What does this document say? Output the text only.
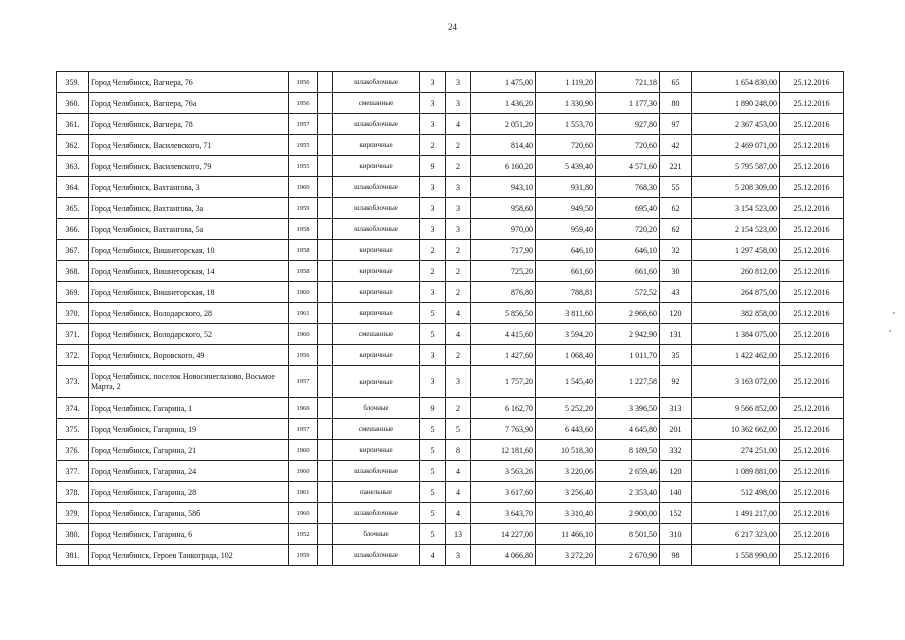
24
359.	Город Челябинск, Вагнера, 76	1956		шлакоблочные	3	3	1 475,00	1 119,20	721,18	65	1 654 830,00	25.12.2016
360.	Город Челябинск, Вагнера, 76а	1956		смешанные	3	3	1 436,20	1 330,90	1 177,30	80	1 890 248,00	25.12.2016
361.	Город Челябинск, Вагнера, 78	1957		шлакоблочные	3	4	2 051,20	1 553,70	927,80	97	2 367 453,00	25.12.2016
362.	Город Челябинск, Василевского, 71	1955		кирпичные	2	2	814,40	720,60	720,60	42	2 469 071,00	25.12.2016
363.	Город Челябинск, Василевского, 79	1955		кирпичные	9	2	6 160,20	5 439,40	4 571,60	221	5 795 587,00	25.12.2016
364.	Город Челябинск, Вахтангова, 3	1960		шлакоблочные	3	3	943,10	931,80	768,30	55	5 208 309,00	25.12.2016
365.	Город Челябинск, Вахтангова, 3а	1959		шлакоблочные	3	3	958,60	949,50	695,40	62	3 154 523,00	25.12.2016
366.	Город Челябинск, Вахтангова, 5а	1958		шлакоблочные	3	3	970,00	959,40	720,20	62	2 154 523,00	25.12.2016
367.	Город Челябинск, Вишнегорская, 10	1958		кирпичные	2	2	717,90	646,10	646,10	32	1 297 458,00	25.12.2016
368.	Город Челябинск, Вишнегорская, 14	1958		кирпичные	2	2	725,20	661,60	661,60	30	260 812,00	25.12.2016
369.	Город Челябинск, Вишнегорская, 18	1960		кирпичные	3	2	876,80	788,81	572,52	43	264 875,00	25.12.2016
370.	Город Челябинск, Володарского, 28	1961		кирпичные	5	4	5 856,50	3 811,60	2 966,60	120	382 858,00	25.12.2016
371.	Город Челябинск, Володарского, 52	1960		смешанные	5	4	4 415,60	3 594,20	2 942,90	131	1 384 075,00	25.12.2016
372.	Город Челябинск, Воровского, 49	1956		кирпичные	3	2	1 427,60	1 068,40	1 011,70	35	1 422 462,00	25.12.2016
373.	Город Челябинск, поселок Новосинеглазово, Восьмое Марта, 2	1957		кирпичные	3	3	1 757,20	1 545,40	1 227,58	92	3 163 072,00	25.12.2016
374.	Город Челябинск, Гагарина, 1	1960		блочные	9	2	6 162,70	5 252,20	3 396,50	313	9 566 852,00	25.12.2016
375.	Город Челябинск, Гагарина, 19	1957		смешанные	5	5	7 763,90	6 443,60	4 645,80	201	10 362 662,00	25.12.2016
376.	Город Челябинск, Гагарина, 21	1960		кирпичные	5	8	12 181,60	10 518,30	8 189,50	332	274 251,00	25.12.2016
377.	Город Челябинск, Гагарина, 24	1960		шлакоблочные	5	4	3 563,26	3 220,06	2 659,46	120	1 089 881,00	25.12.2016
378.	Город Челябинск, Гагарина, 28	1961		панельные	5	4	3 617,60	3 256,40	2 353,40	140	512 498,00	25.12.2016
379.	Город Челябинск, Гагарина, 58б	1960		шлакоблочные	5	4	3 643,70	3 310,40	2 900,00	152	1 491 217,00	25.12.2016
380.	Город Челябинск, Гагарина, 6	1952		блочные	5	13	14 227,00	11 466,10	8 501,50	310	6 217 323,00	25.12.2016
381.	Город Челябинск, Героев Танкограда, 102	1959		шлакоблочные	4	3	4 066,80	3 272,20	2 670,90	98	1 558 990,00	25.12.2016
